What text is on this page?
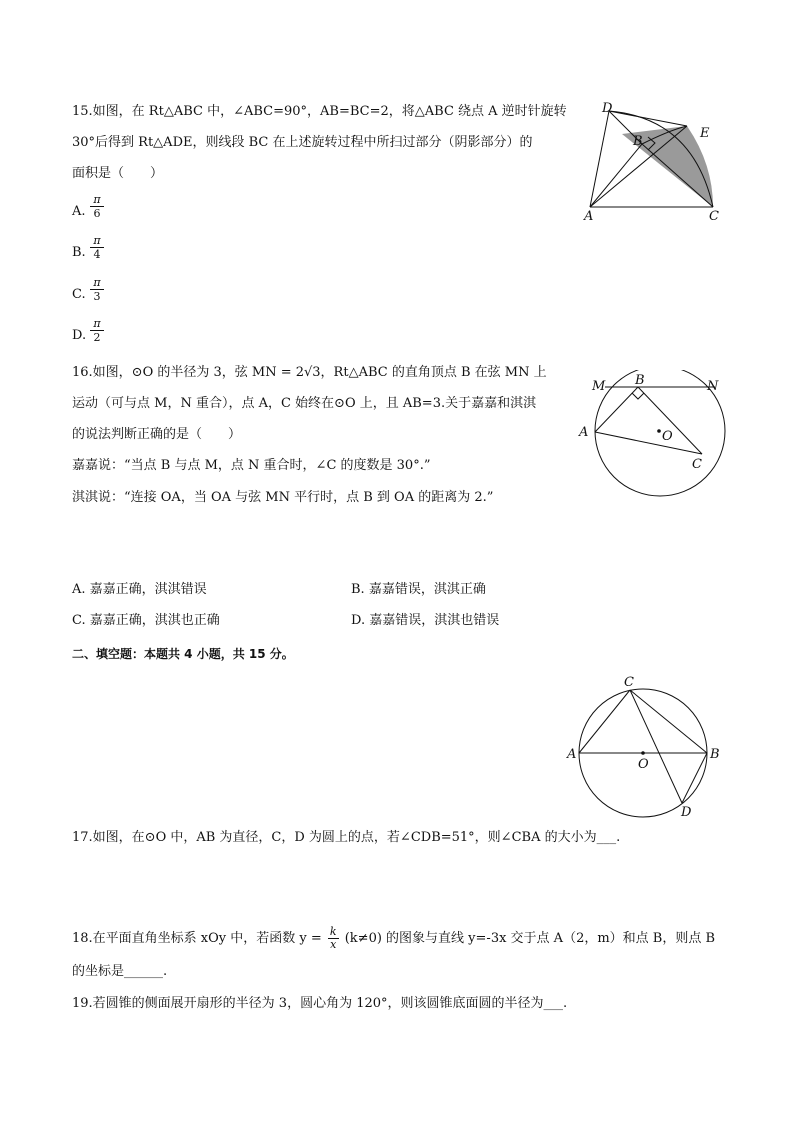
15.如图，在 Rt△ABC 中，∠ABC=90°，AB=BC=2，将△ABC 绕点 A 逆时针旋转
30°后得到 Rt△ADE，则线段 BC 在上述旋转过程中所扫过部分（阴影部分）的
面积是（　　）
A. $\frac{\pi}{6}$
B. $\frac{\pi}{4}$
C. $\frac{\pi}{3}$
D. $\frac{\pi}{2}$
D
B
E
A	C
16.如图，⊙O 的半径为 3，弦 MN = 2√3，Rt△ABC 的直角顶点 B 在弦 MN 上
运动（可与点 M，N 重合），点 A，C 始终在⊙O 上，且 AB=3.关于嘉嘉和淇淇
的说法判断正确的是（　　）
嘉嘉说：“当点 B 与点 M，点 N 重合时，∠C 的度数是 30°.”
淇淇说：“连接 OA，当 OA 与弦 MN 平行时，点 B 到 OA 的距离为 2.”
A. 嘉嘉正确，淇淇错误	B. 嘉嘉错误，淇淇正确
C. 嘉嘉正确，淇淇也正确	D. 嘉嘉错误，淇淇也错误
M B	N
A	O
C
二、填空题：本题共 4 小题，共 15 分。
C
A
O
B
D
17.如图，在⊙O 中，AB 为直径，C，D 为圆上的点，若∠CDB=51°，则∠CBA 的大小为___.
18.在平面直角坐标系 xOy 中，若函数 $y = \frac{k}{x} (k\ne 0)$ 的图象与直线 y=-3x 交于点 A（2，m）和点 B，则点 B
的坐标是______.
19.若圆锥的侧面展开扇形的半径为 3，圆心角为 120°，则该圆锥底面圆的半径为___.
